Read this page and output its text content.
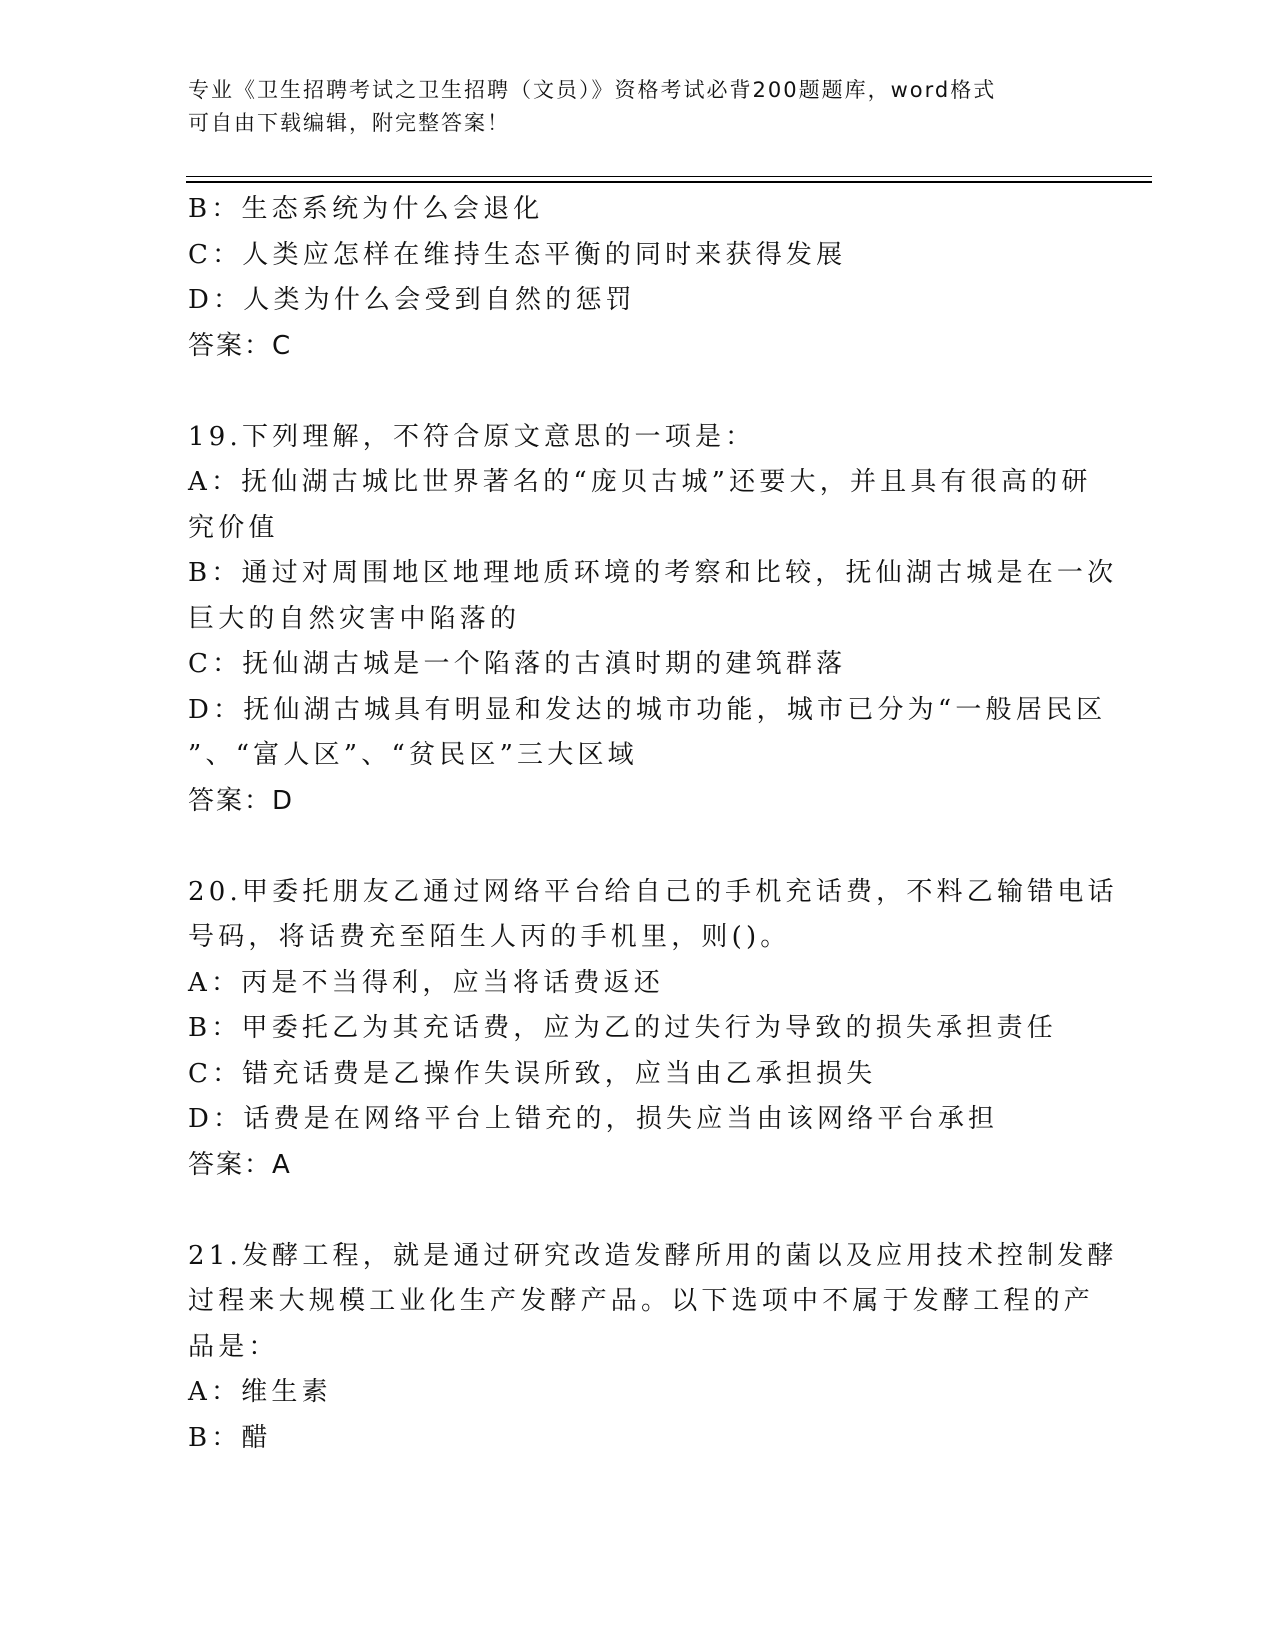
专业《卫生招聘考试之卫生招聘（文员）》资格考试必背200题题库，word格式
可自由下载编辑，附完整答案！
B：生态系统为什么会退化
C：人类应怎样在维持生态平衡的同时来获得发展
D：人类为什么会受到自然的惩罚
答案：C
19.下列理解，不符合原文意思的一项是：
A：抚仙湖古城比世界著名的“庞贝古城”还要大，并且具有很高的研
究价值
B：通过对周围地区地理地质环境的考察和比较，抚仙湖古城是在一次
巨大的自然灾害中陷落的
C：抚仙湖古城是一个陷落的古滇时期的建筑群落
D：抚仙湖古城具有明显和发达的城市功能，城市已分为“一般居民区
”、“富人区”、“贫民区”三大区域
答案：D
20.甲委托朋友乙通过网络平台给自己的手机充话费，不料乙输错电话
号码，将话费充至陌生人丙的手机里，则()。
A：丙是不当得利，应当将话费返还
B：甲委托乙为其充话费，应为乙的过失行为导致的损失承担责任
C：错充话费是乙操作失误所致，应当由乙承担损失
D：话费是在网络平台上错充的，损失应当由该网络平台承担
答案：A
21.发酵工程，就是通过研究改造发酵所用的菌以及应用技术控制发酵
过程来大规模工业化生产发酵产品。以下选项中不属于发酵工程的产
品是：
A：维生素
B：醋
